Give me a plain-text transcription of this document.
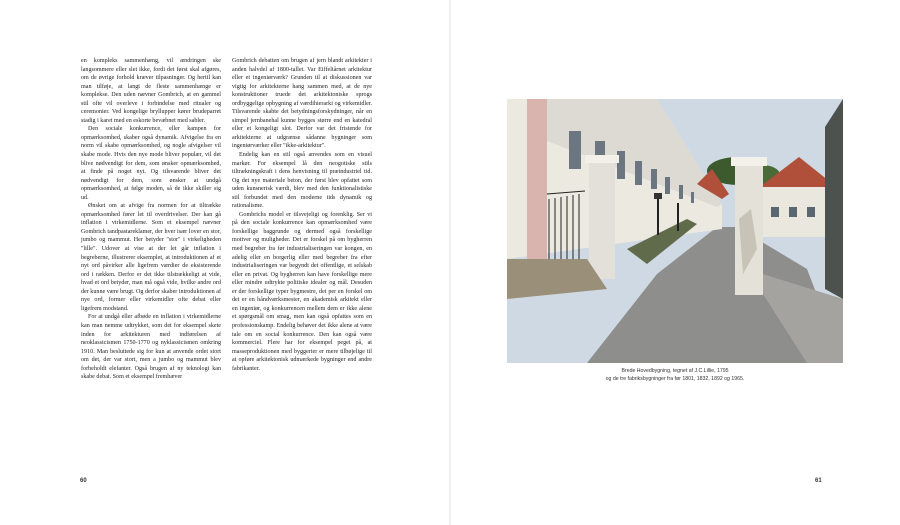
en kompleks sammenhæng, vil ændringen ske langsommere eller slet ikke, fordi det først skal afgøres, om de øvrige forhold kræver tilpasninger. Og hertil kan man tilføje, at langt de fleste sammenhænge er komplekse. Den uden nævner Gombrich, at en gammel stil ofte vil overleve i forbindelse med ritualer og ceremonier. Ved kongelige bryllupper kører brudeparret stadig i karet med en eskorte bevæbnet med sabler.

Den sociale konkurrence, eller kampen for opmærksomhed, skaber også dynamik. Afvigelse fra en norm vil skabe opmærksomhed, og nogle afvigelser vil skabe mode. Hvis den nye mode bliver populær, vil det blive nødvendigt for dem, som ønsker opmærksomhed, at finde på noget nyt. Og tilsvarende bliver det nødvendigt for dem, som ønsker at undgå opmærksomhed, at følge moden, så de ikke skiller sig ud.

Ønsket om at afvige fra normen for at tiltrække opmærksomhed fører let til overdrivelser. Der kan gå inflation i virkemidlerne. Som et eksempel nævner Gombrich tandpastareklamer, der hver især lover en stor, jumbo og mammut. Her betyder "stor" i virkeligheden "lille". Udover at vise at der let går inflation i begreberne, illustrerer eksemplet, at introduktionen af et nyt ord påvirker alle ligefrem værdier de eksisterende ord i rækken. Derfor er det ikke tilstrækkeligt at vide, hvad et ord betyder, man må også vide, hvilke andre ord der kunne være brugt. Og derfor skaber introduktionen af nye ord, former eller virkemidler ofte debat eller ligefrem modstand.

For at undgå eller afbøde en inflation i virkemidlerne kan man nemme udtrykket, som det for eksempel skete inden for arkitekturen med indførelsen af neoklassicismen 1750-1770 og nyklassicismen omkring 1910. Man besluttede sig for kun at anvende ordet stort om det, der var stort, men a jumbo og mammut blev forbeholdt elefanter. Også brugen af ny teknologi kan skabe debat. Som et eksempel fremhæver

Gombrich debatten om brugen af jern blandt arkitekter i anden halvdel af 1800-tallet. Var Eiffeltårnet arkitektur eller et ingeniørværk? Grunden til at diskussionen var vigtig for arkitekterne hang sammen med, at de nye konstruktioner truede det arkitektoniske sprogs ordbyggelige opbygning af værdihierarki og virkemidler. Tilsvarende skabte det betydningsforskydninger, når en simpel jernbanehal kunne bygges større end en katedral eller et kongeligt slot. Derfor var det fristende for arkitekterne at udgrænse sådanne bygninger som ingeniørværker eller "ikke-arkitektur".

Endelig kan en stil også anvendes som en visuel markør. For eksempel lå den neogotiske stils tiltrækningskraft i dens henvisning til præindustriel tid. Og det nye materiale beton, der først blev opfattet som uden kunsnerisk værdi, blev med den funktionalistiske stil forbundet med den moderne tids dynamik og rationalisme.

Gombrichs model er tilsvejeligt og forenklig. Ser vi på den sociale konkurrence kan opmærksomhed være forskellige baggrunde og dermed også forskellige motiver og muligheder. Det er forskel på om bygherren med begreber fra før industrialiseringen var kongen, en adelig eller en borgerlig eller med begreber fra efter industrialiseringen var begyndt det offentlige, et selskab eller en privat. Og bygherren kan have forskellige mere eller mindre udtrykte politiske idealer og mål. Desuden er der forskellige typer bygmestre, det per en forskel om det er en håndværksmester, en akademisk arkitekt eller en ingeniør, og konkurrencen mellem dem er ikke alene et spørgsmål om smag, men kan også opfattes som en professionskamp. Endelig behøver det ikke alene at være tale om en social konkurrence. Den kan også være kommerciel. Flere har for eksempel peget på, at masseproduktionen med byggerier er mere tilbøjelige til at opføre arkitektonisk udmærkede bygninger end andre fabrikanter.

60
Brede Hovedbygning, tegnet af J.C.Lillie, 1795
og de tre fabriksbygninger fra før 1801, 1832, 1892 og 1965.
61
